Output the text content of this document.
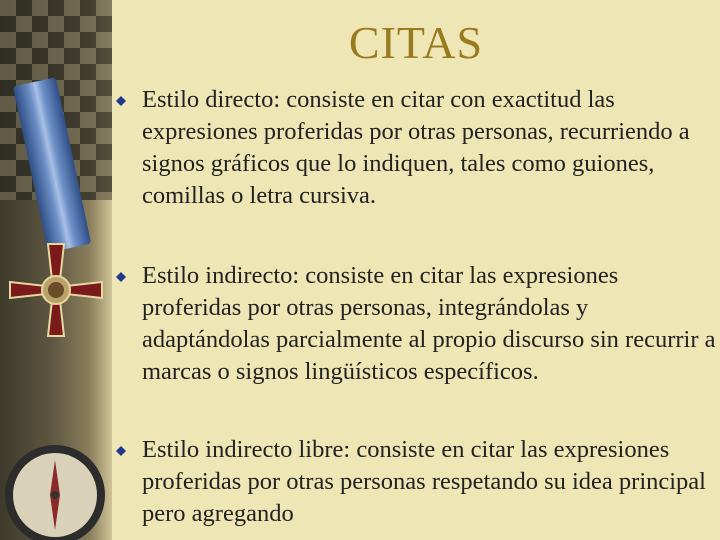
CITAS

Estilo directo: consiste en citar con exactitud las expresiones proferidas por otras personas, recurriendo a signos gráficos que lo indiquen, tales como guiones, comillas o letra cursiva.

Estilo indirecto: consiste en citar las expresiones proferidas por otras personas, integrándolas y adaptándolas parcialmente al propio discurso sin recurrir a marcas o signos lingüísticos específicos.

Estilo indirecto libre: consiste en citar las expresiones proferidas por otras personas respetando su idea principal pero agregando
